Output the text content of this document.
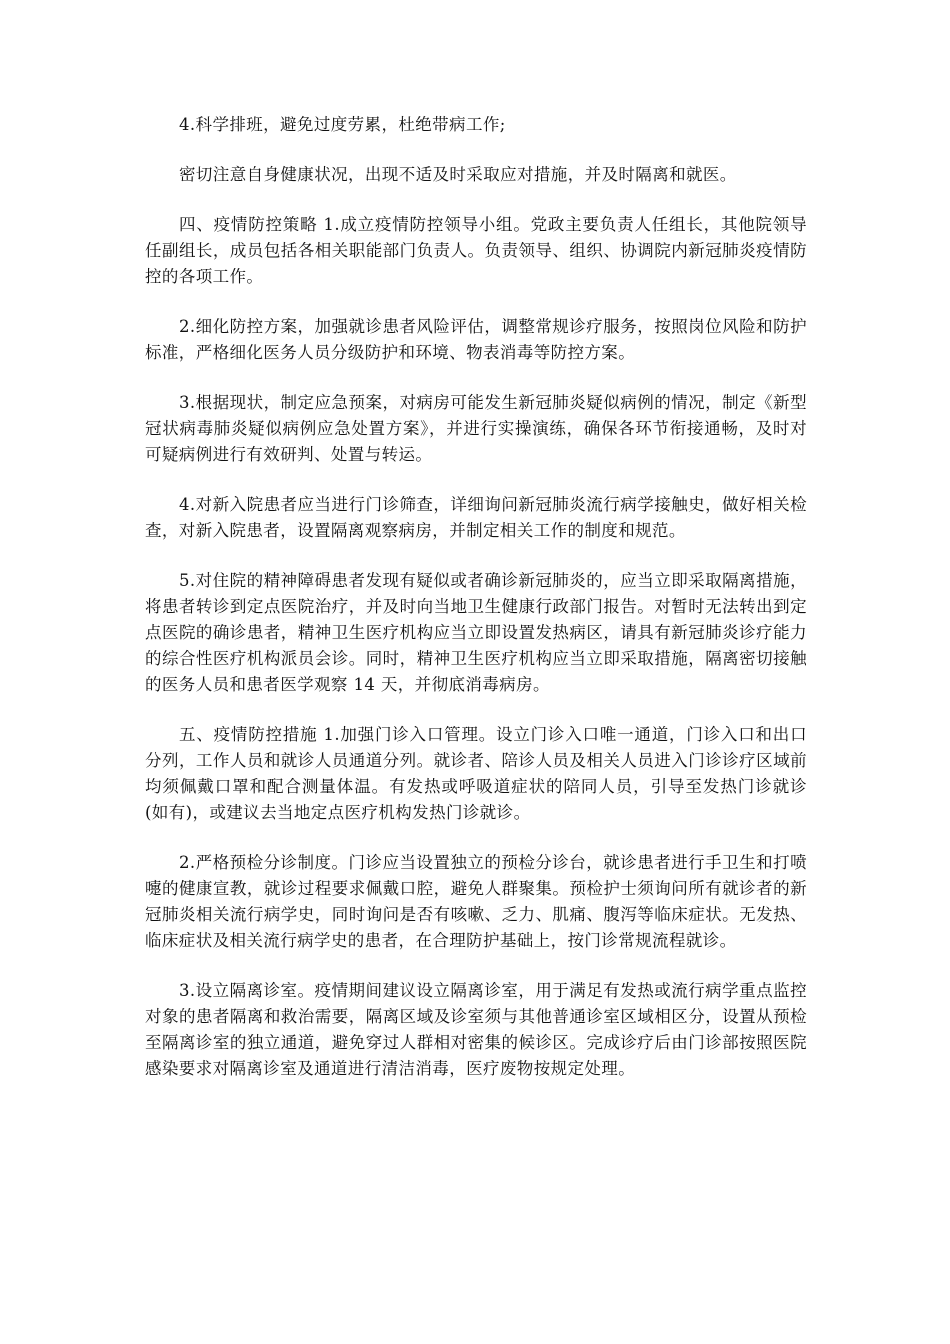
4.科学排班，避免过度劳累，杜绝带病工作;

密切注意自身健康状况，出现不适及时采取应对措施，并及时隔离和就医。

四、疫情防控策略 1.成立疫情防控领导小组。党政主要负责人任组长，其他院领导任副组长，成员包括各相关职能部门负责人。负责领导、组织、协调院内新冠肺炎疫情防控的各项工作。

2.细化防控方案，加强就诊患者风险评估，调整常规诊疗服务，按照岗位风险和防护标准，严格细化医务人员分级防护和环境、物表消毒等防控方案。

3.根据现状，制定应急预案，对病房可能发生新冠肺炎疑似病例的情况，制定《新型冠状病毒肺炎疑似病例应急处置方案》，并进行实操演练，确保各环节衔接通畅，及时对可疑病例进行有效研判、处置与转运。

4.对新入院患者应当进行门诊筛查，详细询问新冠肺炎流行病学接触史，做好相关检查，对新入院患者，设置隔离观察病房，并制定相关工作的制度和规范。

5.对住院的精神障碍患者发现有疑似或者确诊新冠肺炎的，应当立即采取隔离措施，将患者转诊到定点医院治疗，并及时向当地卫生健康行政部门报告。对暂时无法转出到定点医院的确诊患者，精神卫生医疗机构应当立即设置发热病区，请具有新冠肺炎诊疗能力的综合性医疗机构派员会诊。同时，精神卫生医疗机构应当立即采取措施，隔离密切接触的医务人员和患者医学观察 14 天，并彻底消毒病房。

五、疫情防控措施 1.加强门诊入口管理。设立门诊入口唯一通道，门诊入口和出口分列，工作人员和就诊人员通道分列。就诊者、陪诊人员及相关人员进入门诊诊疗区域前均须佩戴口罩和配合测量体温。有发热或呼吸道症状的陪同人员，引导至发热门诊就诊(如有)，或建议去当地定点医疗机构发热门诊就诊。

2.严格预检分诊制度。门诊应当设置独立的预检分诊台，就诊患者进行手卫生和打喷嚏的健康宣教，就诊过程要求佩戴口腔，避免人群聚集。预检护士须询问所有就诊者的新冠肺炎相关流行病学史，同时询问是否有咳嗽、乏力、肌痛、腹泻等临床症状。无发热、临床症状及相关流行病学史的患者，在合理防护基础上，按门诊常规流程就诊。

3.设立隔离诊室。疫情期间建议设立隔离诊室，用于满足有发热或流行病学重点监控对象的患者隔离和救治需要，隔离区域及诊室须与其他普通诊室区域相区分，设置从预检至隔离诊室的独立通道，避免穿过人群相对密集的候诊区。完成诊疗后由门诊部按照医院感染要求对隔离诊室及通道进行清洁消毒，医疗废物按规定处理。
